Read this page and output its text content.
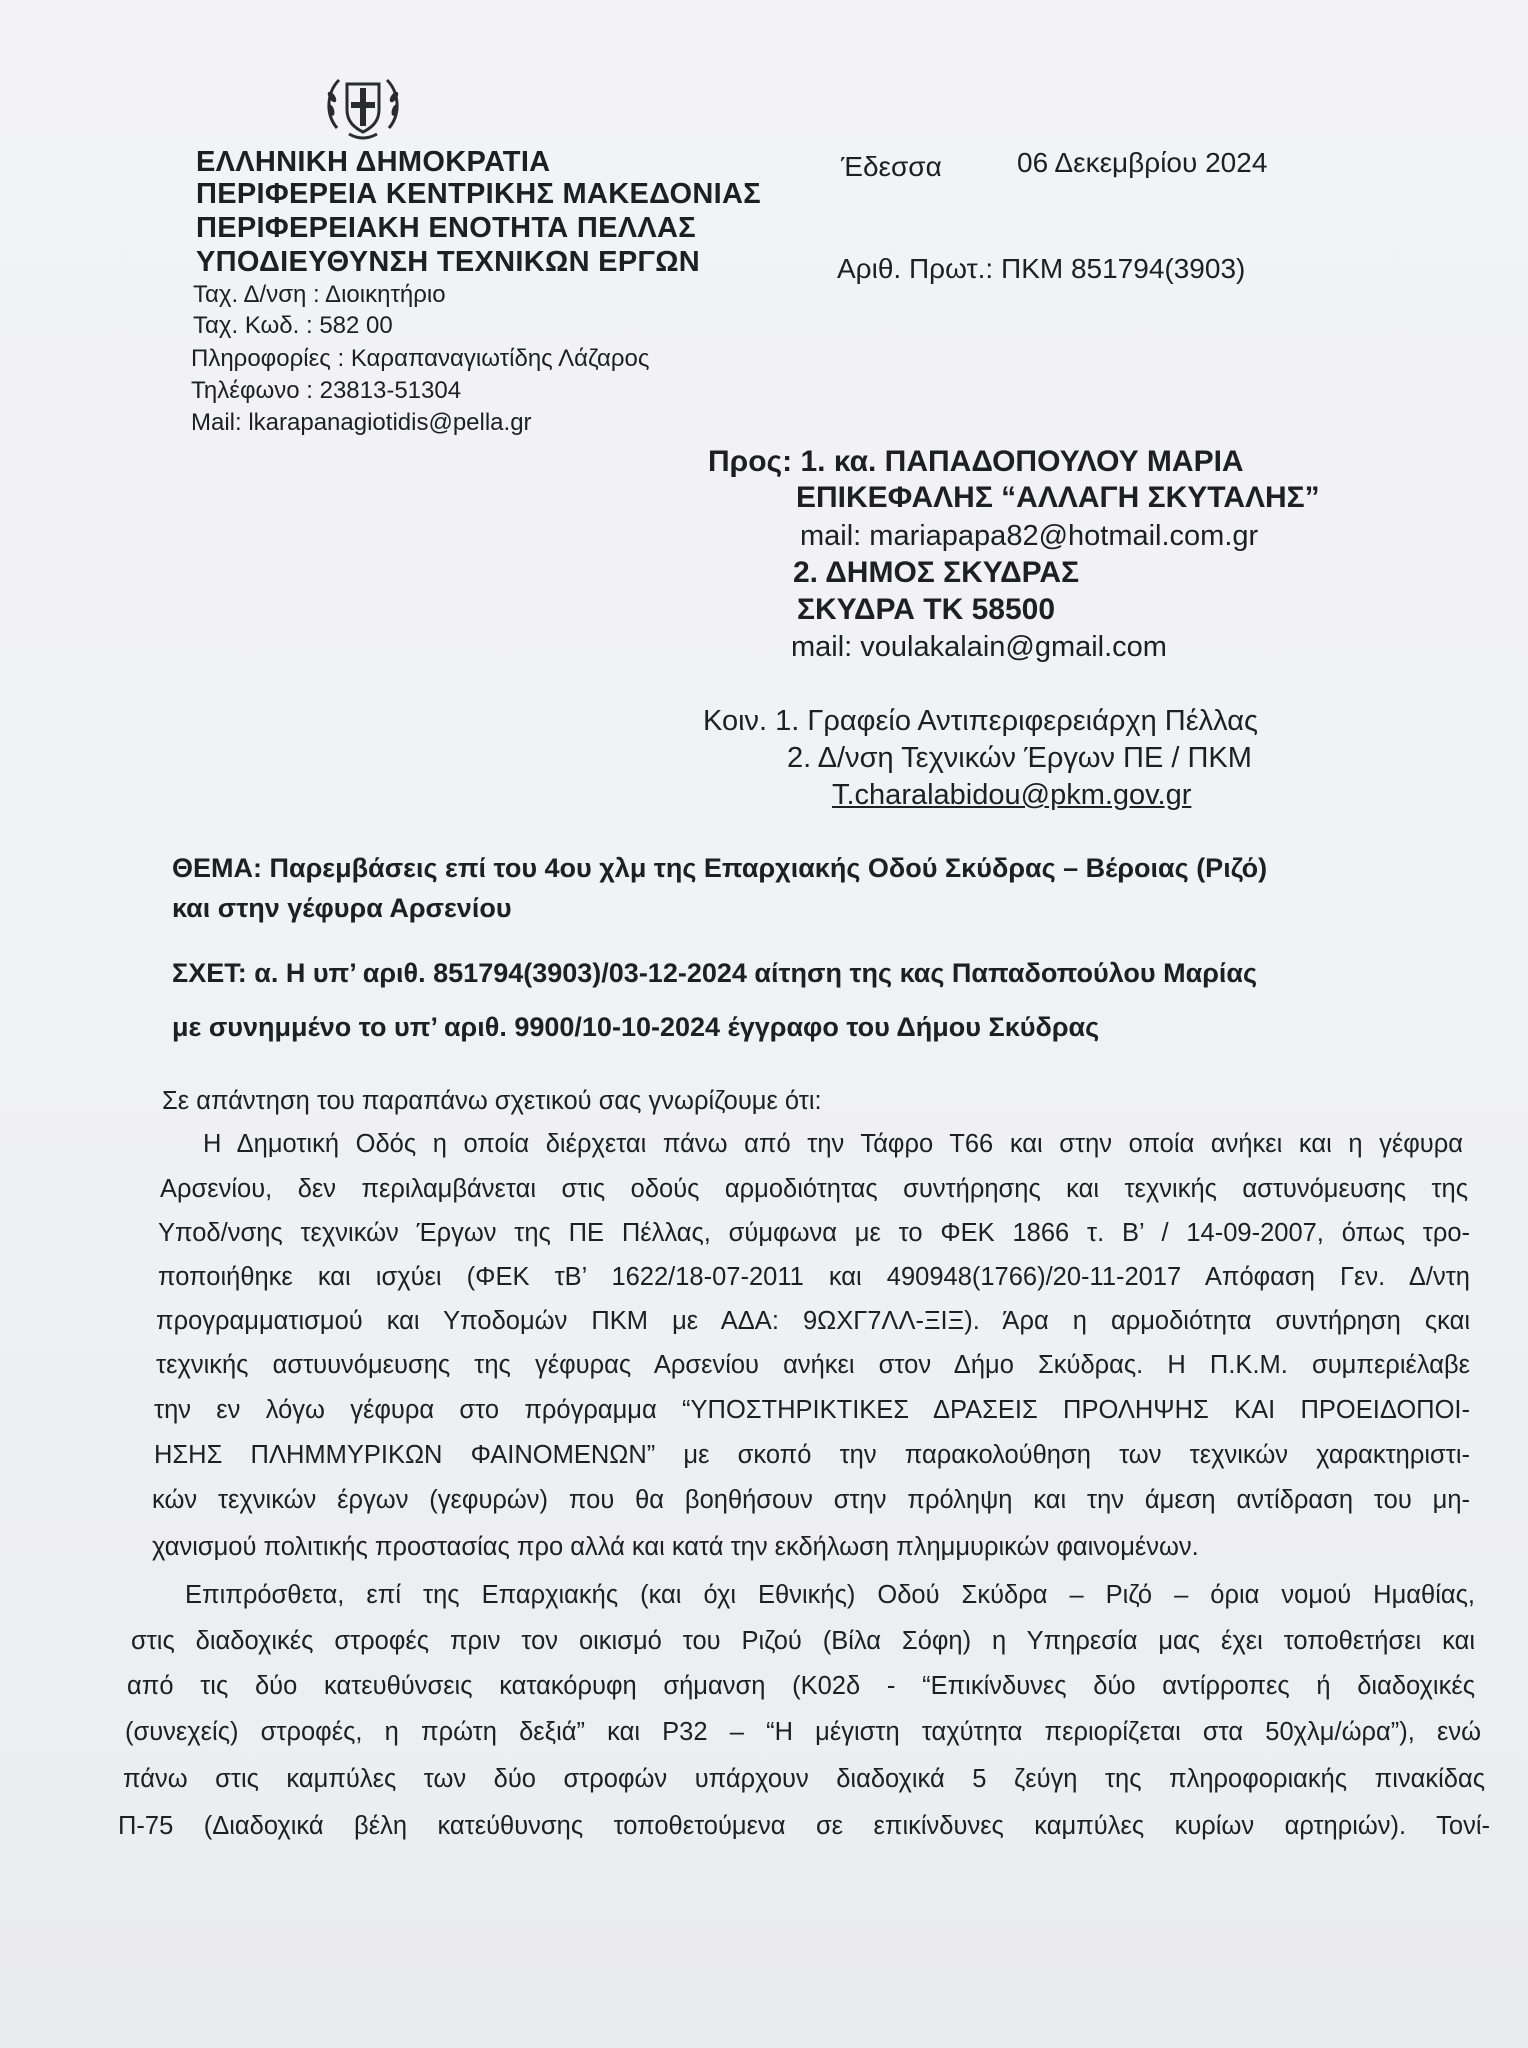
ΕΛΛΗΝΙΚΗ ΔΗΜΟΚΡΑΤΙΑ
ΠΕΡΙΦΕΡΕΙΑ ΚΕΝΤΡΙΚΗΣ ΜΑΚΕΔΟΝΙΑΣ
ΠΕΡΙΦΕΡΕΙΑΚΗ ΕΝΟΤΗΤΑ ΠΕΛΛΑΣ
ΥΠΟΔΙΕΥΘΥΝΣΗ ΤΕΧΝΙΚΩΝ ΕΡΓΩΝ
Ταχ. Δ/νση : Διοικητήριο
Ταχ. Κωδ. : 582 00
Πληροφορίες : Καραπαναγιωτίδης Λάζαρος
Τηλέφωνο : 23813-51304
Mail: lkarapanagiotidis@pella.gr
Έδεσσα	06 Δεκεμβρίου 2024
Αριθ. Πρωτ.: ΠΚΜ 851794(3903)
Προς: 1. κα. ΠΑΠΑΔΟΠΟΥΛΟΥ ΜΑΡΙΑ
ΕΠΙΚΕΦΑΛΗΣ “ΑΛΛΑΓΗ ΣΚΥΤΑΛΗΣ”
mail: mariapapa82@hotmail.com.gr
2. ΔΗΜΟΣ ΣΚΥΔΡΑΣ
ΣΚΥΔΡΑ ΤΚ 58500
mail: voulakalain@gmail.com
Κοιν. 1. Γραφείο Αντιπεριφερειάρχη Πέλλας
2. Δ/νση Τεχνικών Έργων ΠΕ / ΠΚΜ
T.charalabidou@pkm.gov.gr
ΘΕΜΑ: Παρεμβάσεις επί του 4ου χλμ της Επαρχιακής Οδού Σκύδρας – Βέροιας (Ριζό)
και στην γέφυρα Αρσενίου
ΣΧΕΤ: α. Η υπ’ αριθ. 851794(3903)/03-12-2024 αίτηση της κας Παπαδοπούλου Μαρίας
με συνημμένο το υπ’ αριθ. 9900/10-10-2024 έγγραφο του Δήμου Σκύδρας
Σε απάντηση του παραπάνω σχετικού σας γνωρίζουμε ότι:
Η Δημοτική Οδός η οποία διέρχεται πάνω από την Τάφρο Τ66 και στην οποία ανήκει και η γέφυρα
Αρσενίου, δεν περιλαμβάνεται στις οδούς αρμοδιότητας συντήρησης και τεχνικής αστυνόμευσης της
Υποδ/νσης τεχνικών Έργων της ΠΕ Πέλλας, σύμφωνα με το ΦΕΚ 1866 τ. Β’ / 14-09-2007, όπως τρο-
ποποιήθηκε και ισχύει (ΦΕΚ τΒ’ 1622/18-07-2011 και 490948(1766)/20-11-2017 Απόφαση Γεν. Δ/ντη
προγραμματισμού και Υποδομών ΠΚΜ με ΑΔΑ: 9ΩΧΓ7ΛΛ-ΞΙΞ). Άρα η αρμοδιότητα συντήρηση ςκαι
τεχνικής αστυυνόμευσης της γέφυρας Αρσενίου ανήκει στον Δήμο Σκύδρας. Η Π.Κ.Μ. συμπεριέλαβε
την εν λόγω γέφυρα στο πρόγραμμα “ΥΠΟΣΤΗΡΙΚΤΙΚΕΣ ΔΡΑΣΕΙΣ ΠΡΟΛΗΨΗΣ ΚΑΙ ΠΡΟΕΙΔΟΠΟΙ-
ΗΣΗΣ ΠΛΗΜΜΥΡΙΚΩΝ ΦΑΙΝΟΜΕΝΩΝ” με σκοπό την παρακολούθηση των τεχνικών χαρακτηριστι-
κών τεχνικών έργων (γεφυρών) που θα βοηθήσουν στην πρόληψη και την άμεση αντίδραση του μη-
χανισμού πολιτικής προστασίας προ αλλά και κατά την εκδήλωση πλημμυρικών φαινομένων.
Επιπρόσθετα, επί της Επαρχιακής (και όχι Εθνικής) Οδού Σκύδρα – Ριζό – όρια νομού Ημαθίας,
στις διαδοχικές στροφές πριν τον οικισμό του Ριζού (Βίλα Σόφη) η Υπηρεσία μας έχει τοποθετήσει και
από τις δύο κατευθύνσεις κατακόρυφη σήμανση (Κ02δ - “Επικίνδυνες δύο αντίρροπες ή διαδοχικές
(συνεχείς) στροφές, η πρώτη δεξιά” και Ρ32 – “Η μέγιστη ταχύτητα περιορίζεται στα 50χλμ/ώρα”), ενώ
πάνω στις καμπύλες των δύο στροφών υπάρχουν διαδοχικά 5 ζεύγη της πληροφοριακής πινακίδας
Π-75 (Διαδοχικά βέλη κατεύθυνσης τοποθετούμενα σε επικίνδυνες καμπύλες κυρίων αρτηριών). Τονί-
